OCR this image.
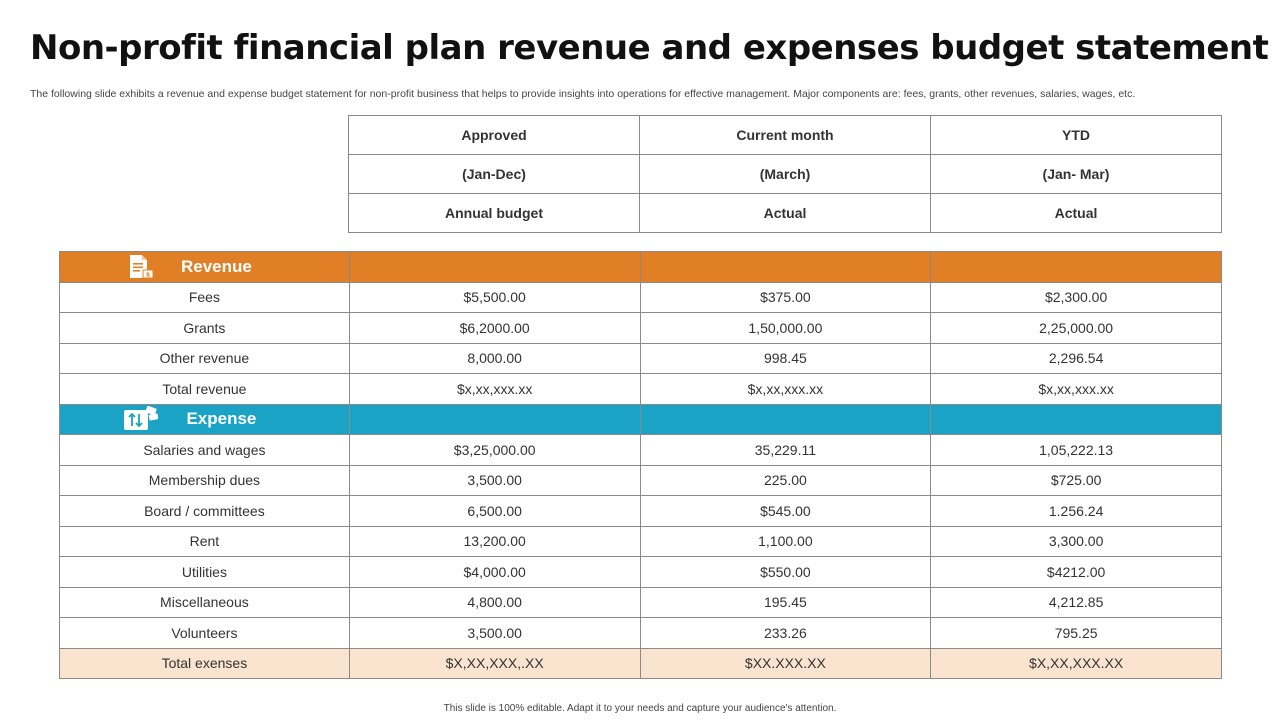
Non-profit financial plan revenue and expenses budget statement

The following slide exhibits a revenue and expense budget statement for non-profit business that helps to provide insights into operations for effective management. Major components are: fees, grants, other revenues, salaries, wages, etc.

Approved	Current month	YTD
(Jan-Dec)	(March)	(Jan- Mar)
Annual budget	Actual	Actual
$ Revenue			

Fees	$5,500.00	$375.00	$2,300.00
Grants	$6,2000.00	1,50,000.00	2,25,000.00
Other revenue	8,000.00	998.45	2,296.54
Total revenue	$x,xx,xxx.xx	$x,xx,xxx.xx	$x,xx,xxx.xx

Expense			

Salaries and wages	$3,25,000.00	35,229.11	1,05,222.13
Membership dues	3,500.00	225.00	$725.00
Board / committees	6,500.00	$545.00	1.256.24
Rent	13,200.00	1,100.00	3,300.00
Utilities	$4,000.00	$550.00	$4212.00
Miscellaneous	4,800.00	195.45	4,212.85
Volunteers	3,500.00	233.26	795.25
Total exenses	$X,XX,XXX,.XX	$XX.XXX.XX	$X,XX,XXX.XX
This slide is 100% editable. Adapt it to your needs and capture your audience's attention.
